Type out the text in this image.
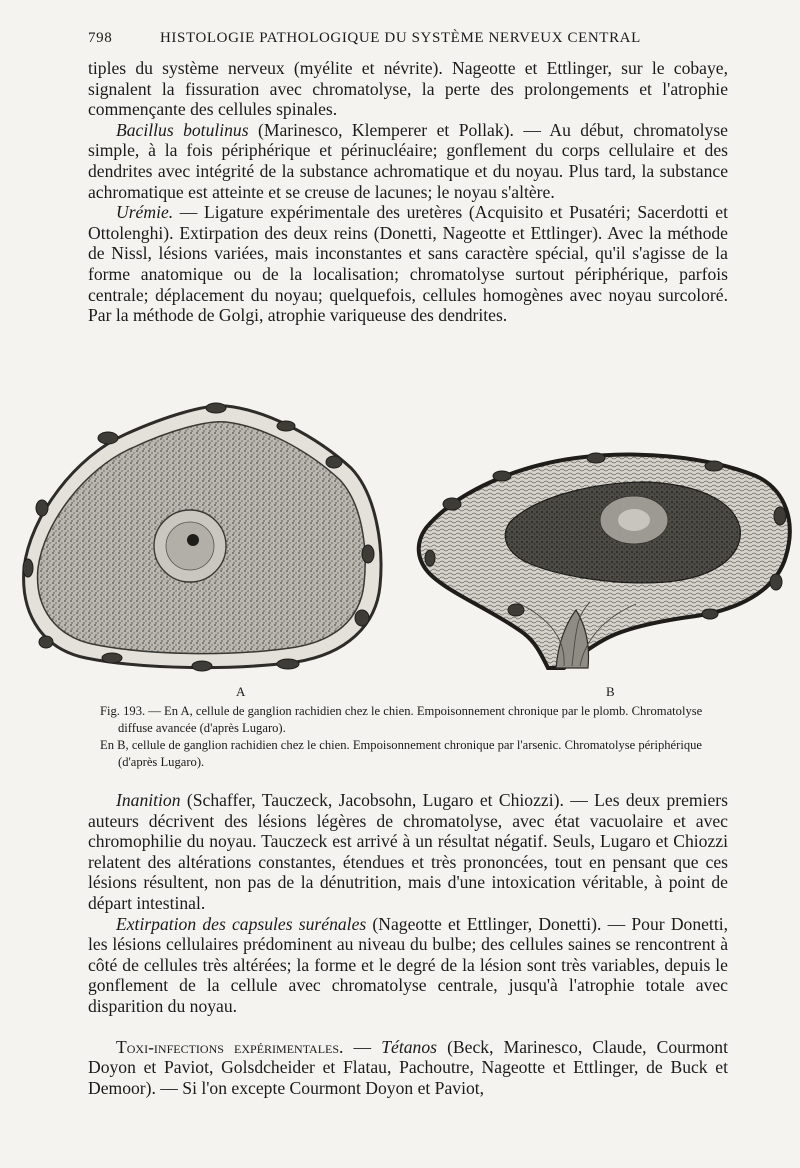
798	HISTOLOGIE PATHOLOGIQUE DU SYSTÈME NERVEUX CENTRAL

tiples du système nerveux (myélite et névrite). Nageotte et Ettlinger, sur le cobaye, signalent la fissuration avec chromatolyse, la perte des prolongements et l'atrophie commençante des cellules spinales.

Bacillus botulinus (Marinesco, Klemperer et Pollak). — Au début, chromatolyse simple, à la fois périphérique et périnucléaire; gonflement du corps cellulaire et des dendrites avec intégrité de la substance achromatique et du noyau. Plus tard, la substance achromatique est atteinte et se creuse de lacunes; le noyau s'altère.

Urémie. — Ligature expérimentale des uretères (Acquisito et Pusatéri; Sacerdotti et Ottolenghi). Extirpation des deux reins (Donetti, Nageotte et Ettlinger). Avec la méthode de Nissl, lésions variées, mais inconstantes et sans caractère spécial, qu'il s'agisse de la forme anatomique ou de la localisation; chromatolyse surtout périphérique, parfois centrale; déplacement du noyau; quelquefois, cellules homogènes avec noyau surcoloré. Par la méthode de Golgi, atrophie variqueuse des dendrites.

A	B

Fig. 193. — En A, cellule de ganglion rachidien chez le chien. Empoisonnement chronique par le plomb. Chromatolyse diffuse avancée (d'après Lugaro).

En B, cellule de ganglion rachidien chez le chien. Empoisonnement chronique par l'arsenic. Chromatolyse périphérique (d'après Lugaro).

Inanition (Schaffer, Tauczeck, Jacobsohn, Lugaro et Chiozzi). — Les deux premiers auteurs décrivent des lésions légères de chromatolyse, avec état vacuolaire et avec chromophilie du noyau. Tauczeck est arrivé à un résultat négatif. Seuls, Lugaro et Chiozzi relatent des altérations constantes, étendues et très prononcées, tout en pensant que ces lésions résultent, non pas de la dénutrition, mais d'une intoxication véritable, à point de départ intestinal.

Extirpation des capsules surénales (Nageotte et Ettlinger, Donetti). — Pour Donetti, les lésions cellulaires prédominent au niveau du bulbe; des cellules saines se rencontrent à côté de cellules très altérées; la forme et le degré de la lésion sont très variables, depuis le gonflement de la cellule avec chromatolyse centrale, jusqu'à l'atrophie totale avec disparition du noyau.

Toxi-infections expérimentales. — Tétanos (Beck, Marinesco, Claude, Courmont Doyon et Paviot, Golsdcheider et Flatau, Pachoutre, Nageotte et Ettlinger, de Buck et Demoor). — Si l'on excepte Courmont Doyon et Paviot,
